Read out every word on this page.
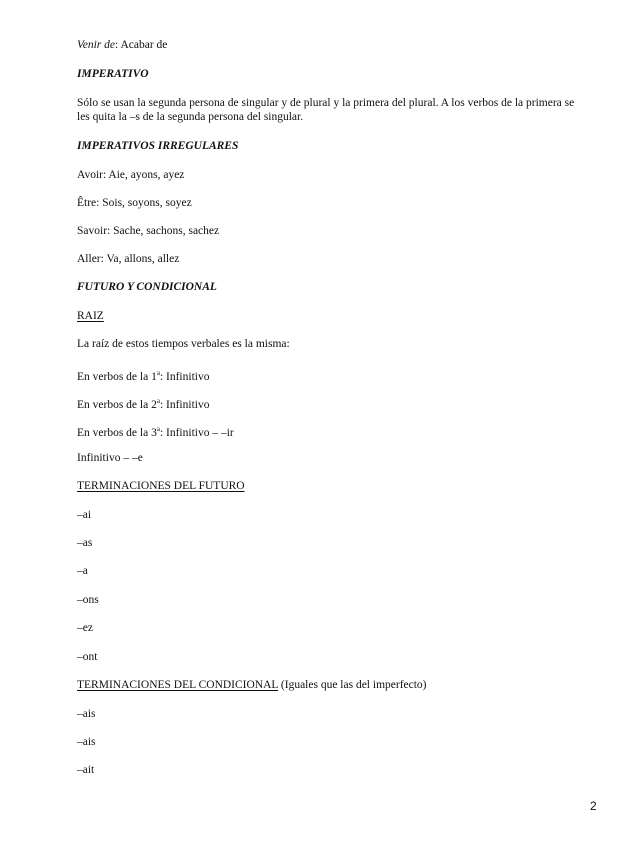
Venir de: Acabar de
IMPERATIVO
Sólo se usan la segunda persona de singular y de plural y la primera del plural. A los verbos de la primera se
les quita la –s de la segunda persona del singular.
IMPERATIVOS IRREGULARES
Avoir: Aie, ayons, ayez
Être: Sois, soyons, soyez
Savoir: Sache, sachons, sachez
Aller: Va, allons, allez
FUTURO Y CONDICIONAL
RAIZ
La raíz de estos tiempos verbales es la misma:
En verbos de la 1$^a$: Infinitivo
En verbos de la 2$^a$: Infinitivo
En verbos de la 3$^a$: Infinitivo – –ir
Infinitivo – –e
TERMINACIONES DEL FUTURO
–ai
–as
–a
–ons
–ez
–ont
TERMINACIONES DEL CONDICIONAL (Iguales que las del imperfecto)
–ais
–ais
–ait
2
